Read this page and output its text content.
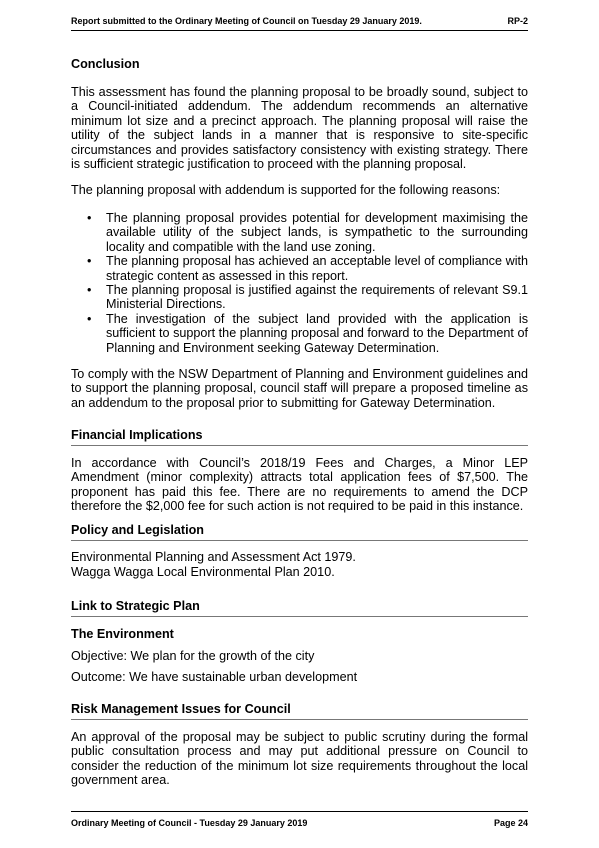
Report submitted to the Ordinary Meeting of Council on Tuesday 29 January 2019.	RP-2
Conclusion
This assessment has found the planning proposal to be broadly sound, subject to a Council-initiated addendum. The addendum recommends an alternative minimum lot size and a precinct approach. The planning proposal will raise the utility of the subject lands in a manner that is responsive to site-specific circumstances and provides satisfactory consistency with existing strategy. There is sufficient strategic justification to proceed with the planning proposal.
The planning proposal with addendum is supported for the following reasons:
• The planning proposal provides potential for development maximising the available utility of the subject lands, is sympathetic to the surrounding locality and compatible with the land use zoning.
• The planning proposal has achieved an acceptable level of compliance with strategic content as assessed in this report.
• The planning proposal is justified against the requirements of relevant S9.1 Ministerial Directions.
• The investigation of the subject land provided with the application is sufficient to support the planning proposal and forward to the Department of Planning and Environment seeking Gateway Determination.
To comply with the NSW Department of Planning and Environment guidelines and to support the planning proposal, council staff will prepare a proposed timeline as an addendum to the proposal prior to submitting for Gateway Determination.
Financial Implications
In accordance with Council’s 2018/19 Fees and Charges, a Minor LEP Amendment (minor complexity) attracts total application fees of $7,500. The proponent has paid this fee. There are no requirements to amend the DCP therefore the $2,000 fee for such action is not required to be paid in this instance.
Policy and Legislation
Environmental Planning and Assessment Act 1979.
Wagga Wagga Local Environmental Plan 2010.
Link to Strategic Plan
The Environment
Objective: We plan for the growth of the city
Outcome: We have sustainable urban development
Risk Management Issues for Council
An approval of the proposal may be subject to public scrutiny during the formal public consultation process and may put additional pressure on Council to consider the reduction of the minimum lot size requirements throughout the local government area.
Ordinary Meeting of Council - Tuesday 29 January 2019	Page 24
